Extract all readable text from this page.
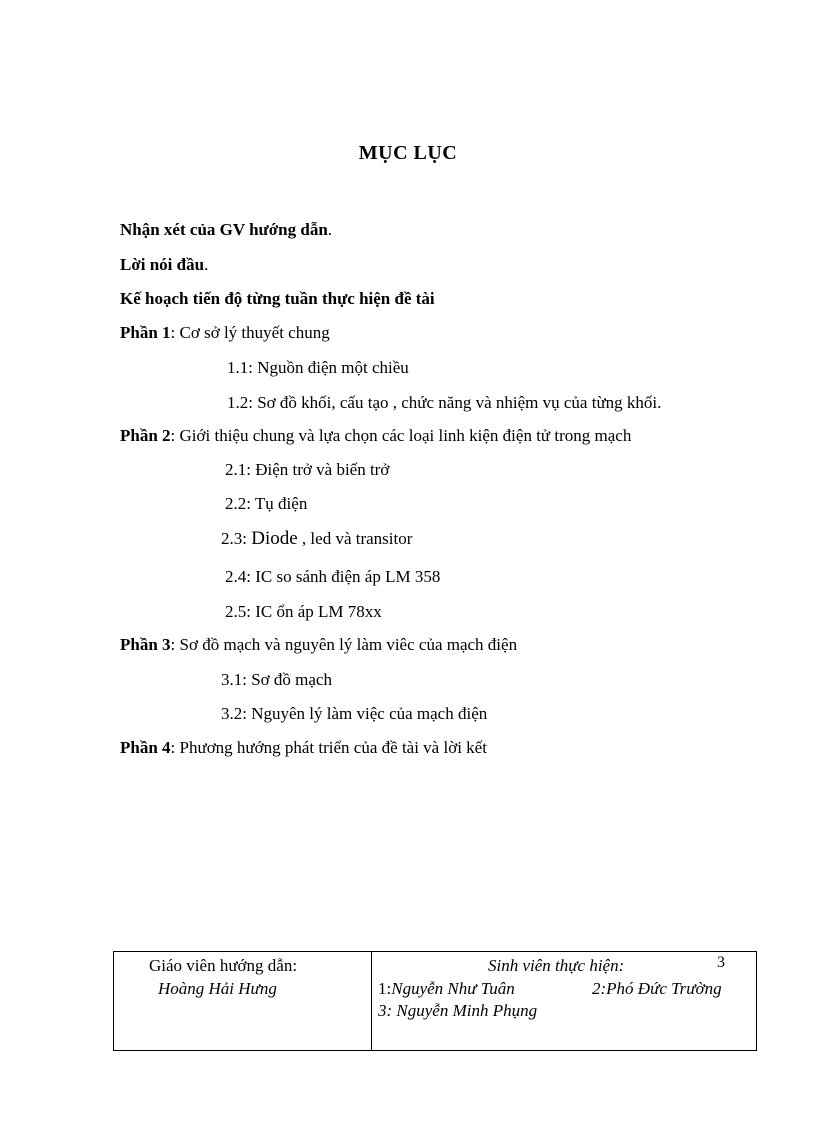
MỤC LỤC
Nhận xét của GV hướng dẫn.
Lời nói đầu.
Kế hoạch tiến độ từng tuần thực hiện đề tài
Phần 1: Cơ sở lý thuyết chung
1.1: Nguồn điện một chiều
1.2: Sơ đồ khối, cấu tạo , chức năng và nhiệm vụ của từng khối.
Phần 2: Giới thiệu chung và lựa chọn các loại linh kiện điện tử trong mạch
2.1: Điện trở và biến trở
2.2: Tụ điện
2.3: Diode , led và transitor
2.4: IC so sánh điện áp LM 358
2.5: IC ổn áp LM 78xx
Phần 3: Sơ đồ mạch và nguyên lý làm viêc của mạch điện
3.1: Sơ đồ mạch
3.2: Nguyên lý làm việc của mạch điện
Phần 4: Phương hướng phát triển của đề tài và lời kết
Giáo viên hướng dẫn:
Hoàng Hải Hưng
Sinh viên thực hiện:	3
1:Nguyễn Như Tuân	2:Phó Đức Trường
3: Nguyễn Minh Phụng
